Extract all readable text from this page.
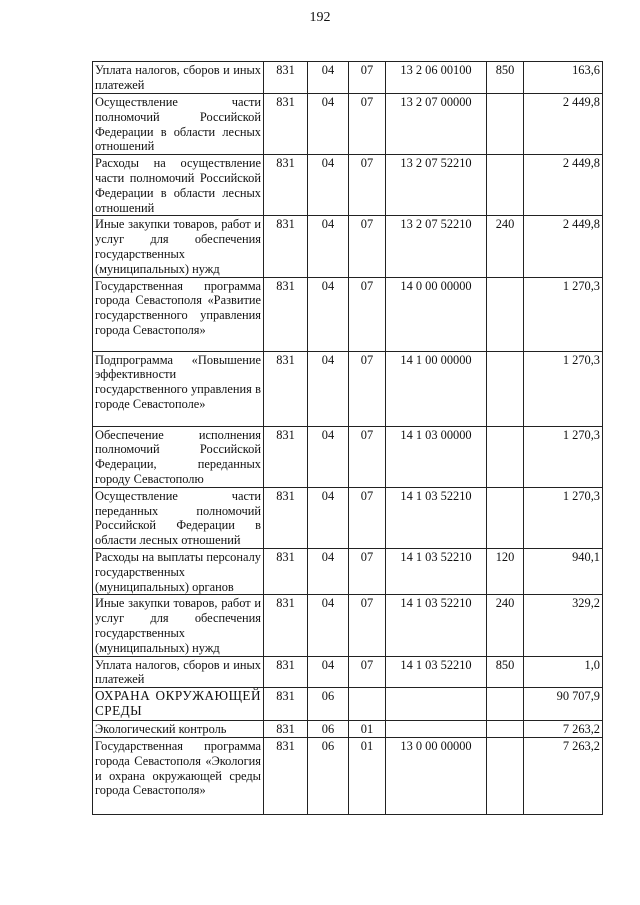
192
Уплата налогов, сборов и иных платежей	831	04	07	13 2 06 00100	850	163,6
Осуществление части полномочий Российской Федерации в области лесных отношений	831	04	07	13 2 07 00000		2 449,8
Расходы на осуществление части полномочий Российской Федерации в области лесных отношений	831	04	07	13 2 07 52210		2 449,8
Иные закупки товаров, работ и услуг для обеспечения государственных (муниципальных) нужд	831	04	07	13 2 07 52210	240	2 449,8
Государственная программа города Севастополя «Развитие государственного управления города Севастополя»	831	04	07	14 0 00 00000		1 270,3
Подпрограмма «Повышение эффективности государственного управления в городе Севастополе»	831	04	07	14 1 00 00000		1 270,3
Обеспечение исполнения полномочий Российской Федерации, переданных городу Севастополю	831	04	07	14 1 03 00000		1 270,3
Осуществление части переданных полномочий Российской Федерации в области лесных отношений	831	04	07	14 1 03 52210		1 270,3
Расходы на выплаты персоналу государственных (муниципальных) органов	831	04	07	14 1 03 52210	120	940,1
Иные закупки товаров, работ и услуг для обеспечения государственных (муниципальных) нужд	831	04	07	14 1 03 52210	240	329,2
Уплата налогов, сборов и иных платежей	831	04	07	14 1 03 52210	850	1,0
ОХРАНА ОКРУЖАЮЩЕЙ СРЕДЫ	831	06				90 707,9
Экологический контроль	831	06	01			7 263,2
Государственная программа города Севастополя «Экология и охрана окружающей среды города Севастополя»	831	06	01	13 0 00 00000		7 263,2
